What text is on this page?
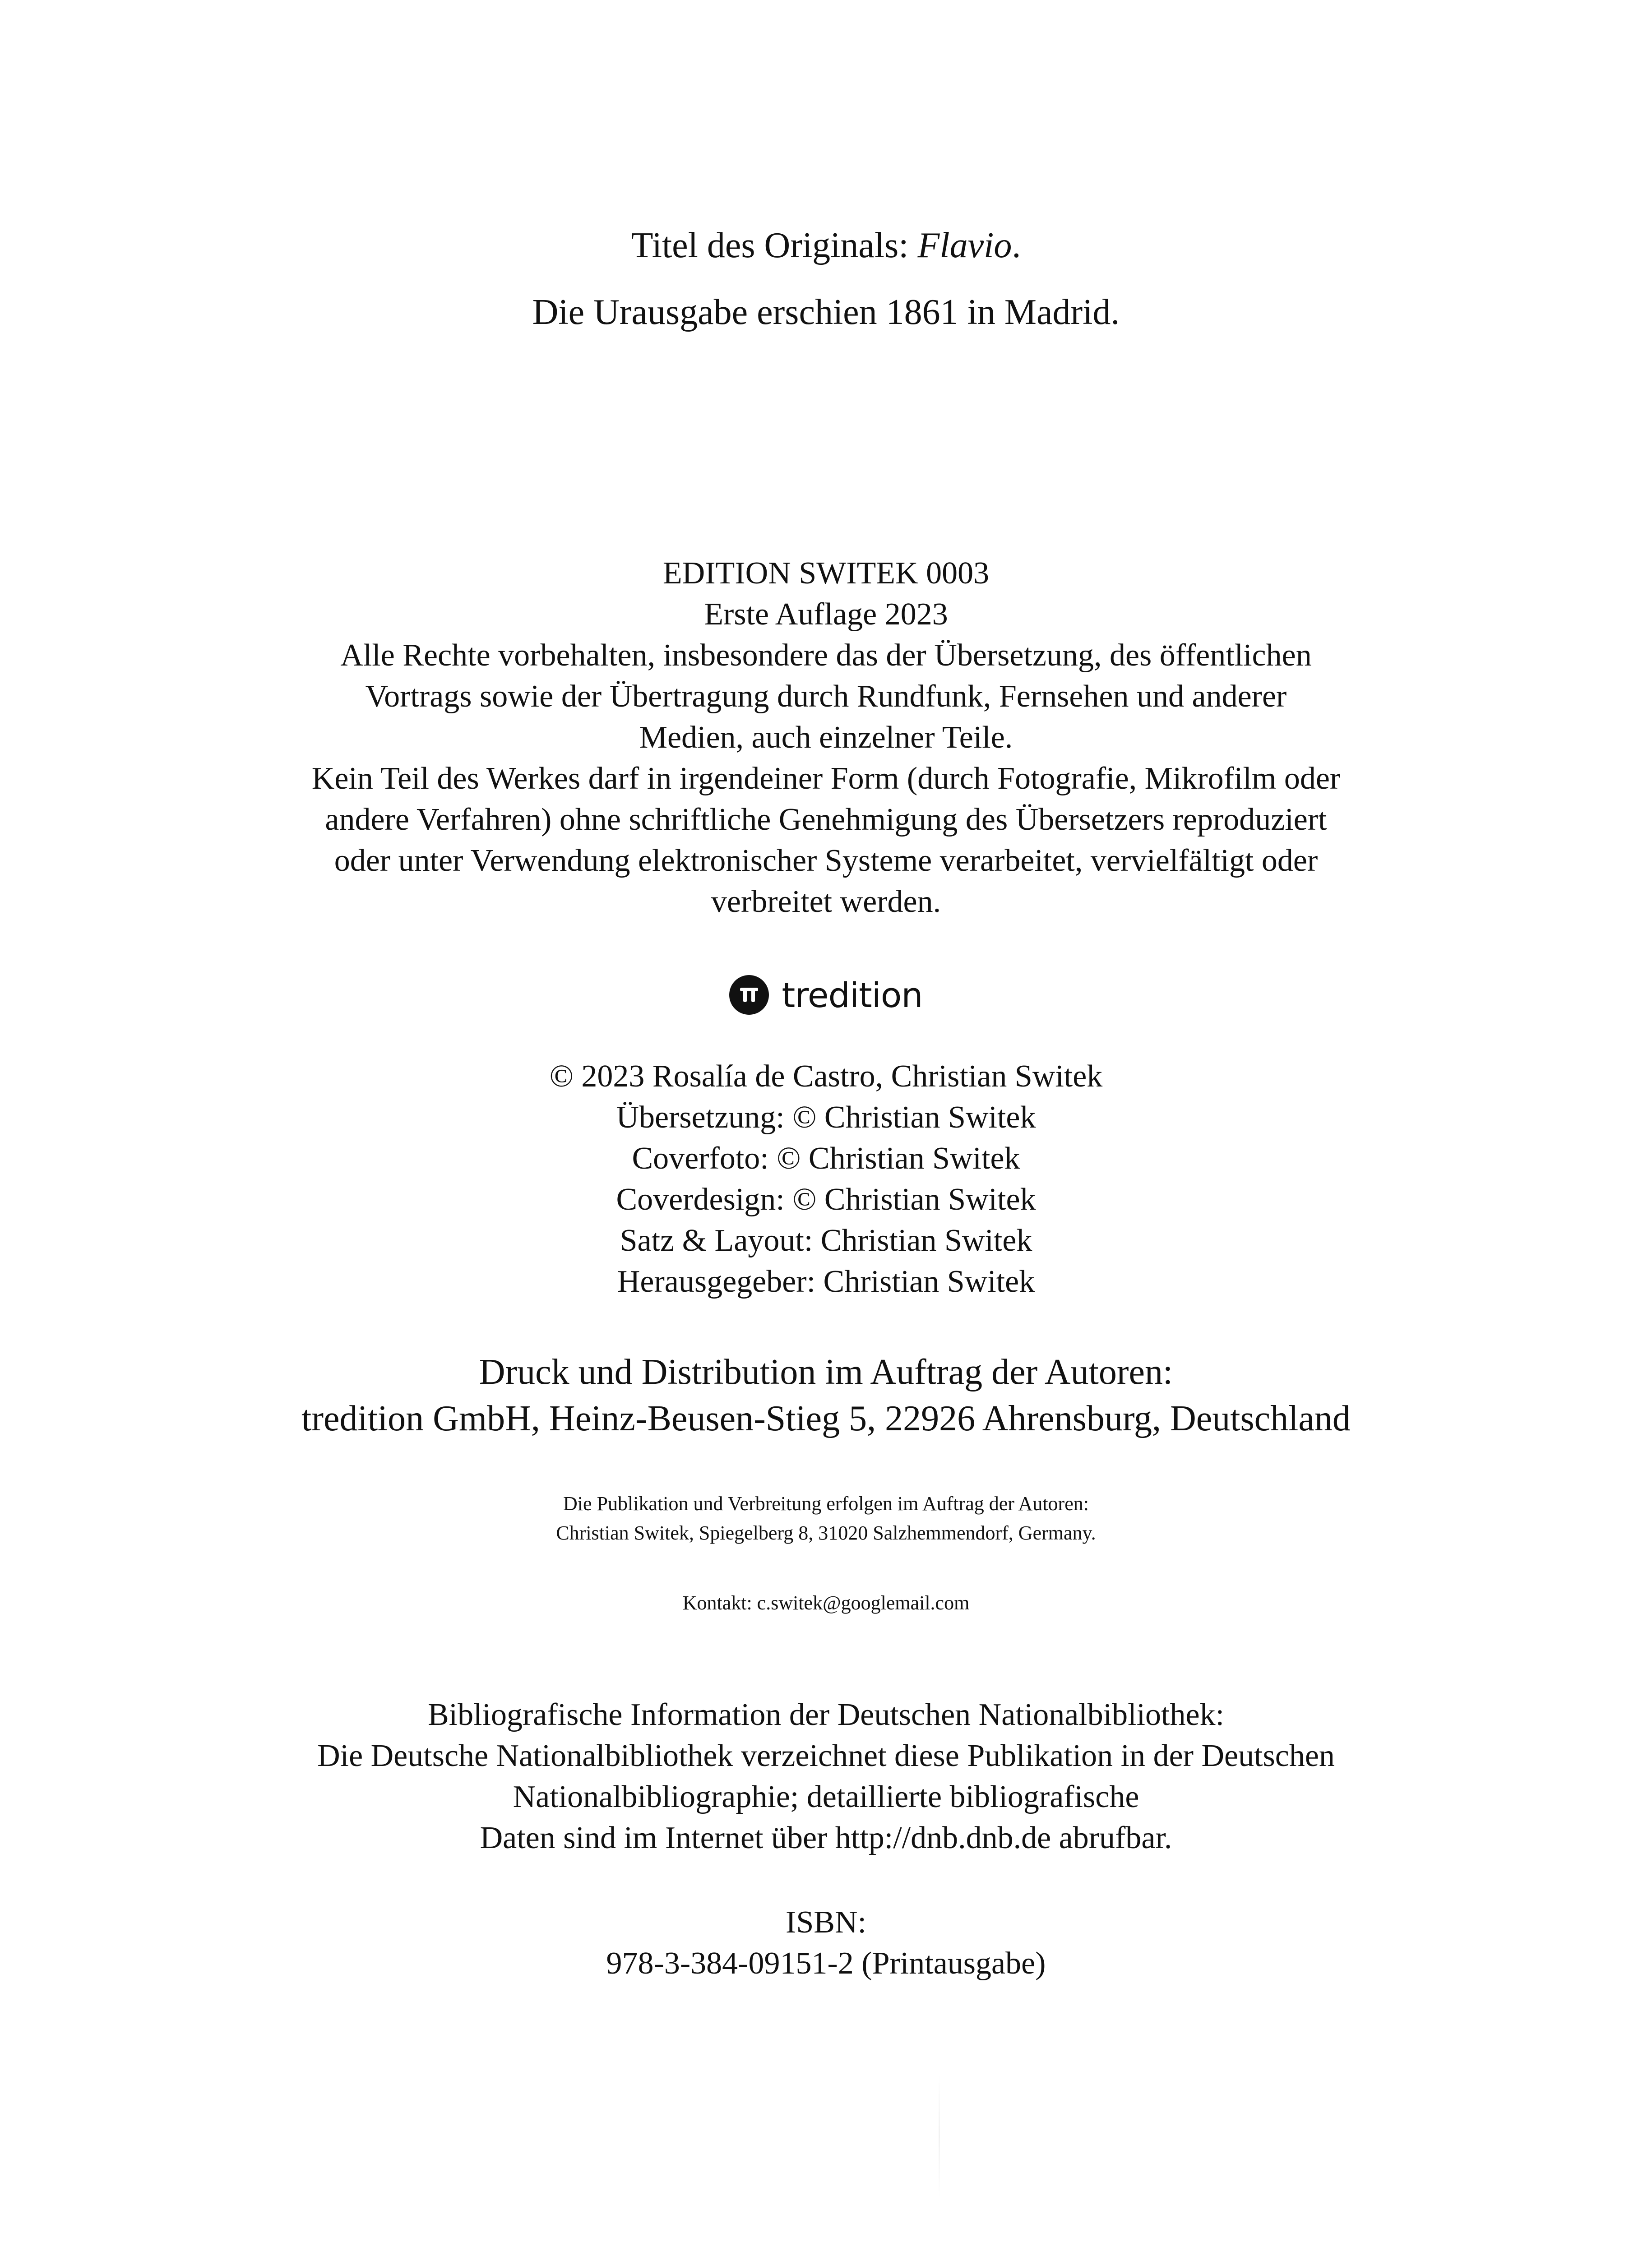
Titel des Originals: Flavio.

Die Urausgabe erschien 1861 in Madrid.

EDITION SWITEK 0003

Erste Auflage 2023

Alle Rechte vorbehalten, insbesondere das der Übersetzung, des öffentlichen

Vortrags sowie der Übertragung durch Rundfunk, Fernsehen und anderer

Medien, auch einzelner Teile.

Kein Teil des Werkes darf in irgendeiner Form (durch Fotografie, Mikrofilm oder

andere Verfahren) ohne schriftliche Genehmigung des Übersetzers reproduziert

oder unter Verwendung elektronischer Systeme verarbeitet, vervielfältigt oder

verbreitet werden.

tredition

© 2023 Rosalía de Castro, Christian Switek

Übersetzung: © Christian Switek

Coverfoto: © Christian Switek

Coverdesign: © Christian Switek

Satz & Layout: Christian Switek

Herausgegeber: Christian Switek

Druck und Distribution im Auftrag der Autoren:

tredition GmbH, Heinz-Beusen-Stieg 5, 22926 Ahrensburg, Deutschland

Die Publikation und Verbreitung erfolgen im Auftrag der Autoren:

Christian Switek, Spiegelberg 8, 31020 Salzhemmendorf, Germany.

Kontakt: c.switek@googlemail.com

Bibliografische Information der Deutschen Nationalbibliothek:

Die Deutsche Nationalbibliothek verzeichnet diese Publikation in der Deutschen

Nationalbibliographie; detaillierte bibliografische

Daten sind im Internet über http://dnb.dnb.de abrufbar.

ISBN:

978-3-384-09151-2 (Printausgabe)
